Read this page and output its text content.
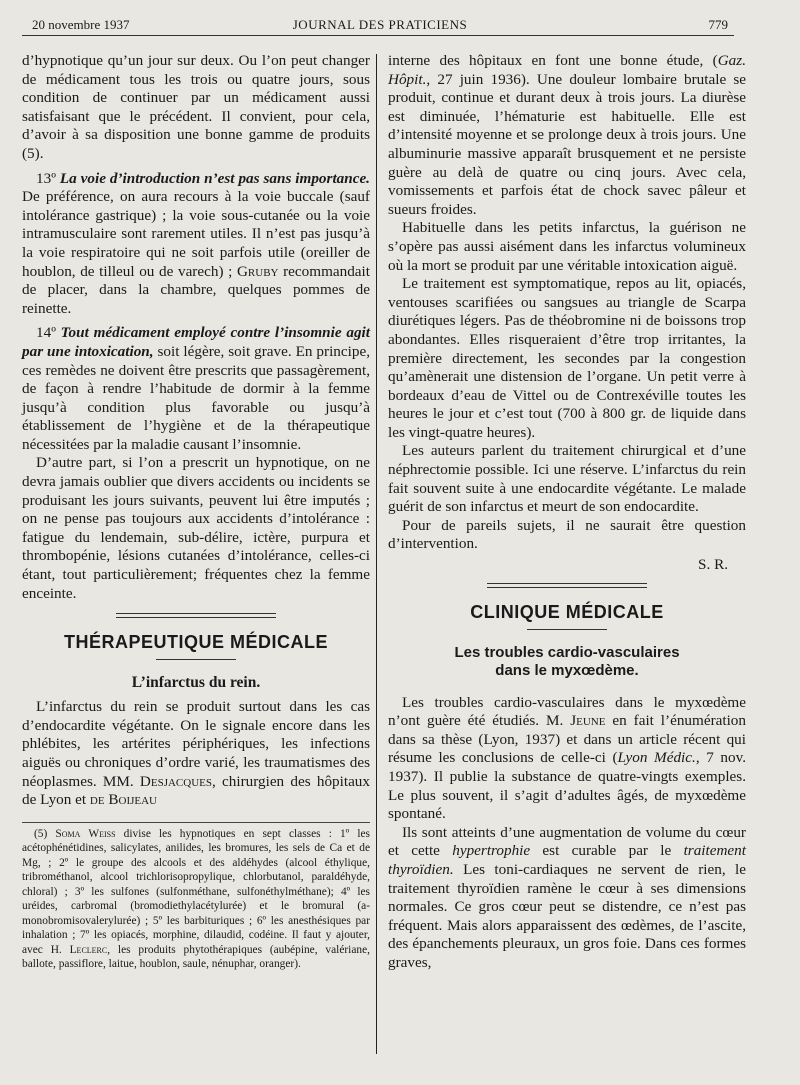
20 novembre 1937	JOURNAL DES PRATICIENS	779

d’hypnotique qu’un jour sur deux. Ou l’on peut changer de médicament tous les trois ou quatre jours, sous condition de continuer par un médicament aussi satisfaisant que le précédent. Il convient, pour cela, d’avoir à sa disposition une bonne gamme de produits (5).

13º La voie d’introduction n’est pas sans importance. De préférence, on aura recours à la voie buccale (sauf intolérance gastrique) ; la voie sous-cutanée ou la voie intramusculaire sont rarement utiles. Il n’est pas jusqu’à la voie respiratoire qui ne soit parfois utile (oreiller de houblon, de tilleul ou de varech) ; Gruby recommandait de placer, dans la chambre, quelques pommes de reinette.

14º Tout médicament employé contre l’insomnie agit par une intoxication, soit légère, soit grave. En principe, ces remèdes ne doivent être prescrits que passagèrement, de façon à rendre l’habitude de dormir à la femme jusqu’à condition plus favorable ou jusqu’à établissement de l’hygiène et de la thérapeutique nécessitées par la maladie causant l’insomnie.

D’autre part, si l’on a prescrit un hypnotique, on ne devra jamais oublier que divers accidents ou incidents se produisant les jours suivants, peuvent lui être imputés ; on ne pense pas toujours aux accidents d’intolérance : fatigue du lendemain, sub-délire, ictère, purpura et thrombopénie, lésions cutanées d’intolérance, celles-ci étant, tout particulièrement; fréquentes chez la femme enceinte.

THÉRAPEUTIQUE MÉDICALE
L’infarctus du rein.

L’infarctus du rein se produit surtout dans les cas d’endocardite végétante. On le signale encore dans les phlébites, les artérites périphériques, les infections aiguës ou chroniques d’ordre varié, les traumatismes des néoplasmes. MM. Desjacques, chirurgien des hôpitaux de Lyon et de Boijeau

(5) Soma Weiss divise les hypnotiques en sept classes : 1º les acétophénétidines, salicylates, anilides, les bromures, les sels de Ca et de Mg, ; 2º le groupe des alcools et des aldéhydes (alcool éthylique, tribrométhanol, alcool trichlorisopropylique, chlorbutanol, paraldéhyde, chloral) ; 3º les sulfones (sulfonméthane, sulfonéthylméthane); 4º les uréides, carbromal (bromodiethylacétylurée) et le bromural (a-monobromisovalerylurée) ; 5º les barbituriques ; 6º les anesthésiques par inhalation ; 7º les opiacés, morphine, dilaudid, codéine. Il faut y ajouter, avec H. Leclerc, les produits phytothérapiques (aubépine, valériane, ballote, passiflore, laitue, houblon, saule, nénuphar, oranger).

interne des hôpitaux en font une bonne étude, (Gaz. Hôpit., 27 juin 1936). Une douleur lombaire brutale se produit, continue et durant deux à trois jours. La diurèse est diminuée, l’hématurie est habituelle. Elle est d’intensité moyenne et se prolonge deux à trois jours. Une albuminurie massive apparaît brusquement et ne persiste guère au delà de quatre ou cinq jours. Avec cela, vomissements et parfois état de chock savec pâleur et sueurs froides.

Habituelle dans les petits infarctus, la guérison ne s’opère pas aussi aisément dans les infarctus volumineux où la mort se produit par une véritable intoxication aiguë.

Le traitement est symptomatique, repos au lit, opiacés, ventouses scarifiées ou sangsues au triangle de Scarpa diurétiques légers. Pas de théobromine ni de boissons trop abondantes. Elles risqueraient d’être trop irritantes, la première directement, les secondes par la congestion qu’amènerait une distension de l’organe. Un petit verre à bordeaux d’eau de Vittel ou de Contrexéville toutes les heures le jour et c’est tout (700 à 800 gr. de liquide dans les vingt-quatre heures).

Les auteurs parlent du traitement chirurgical et d’une néphrectomie possible. Ici une réserve. L’infarctus du rein fait souvent suite à une endocardite végétante. Le malade guérit de son infarctus et meurt de son endocardite.

Pour de pareils sujets, il ne saurait être question d’intervention.

S. R.

CLINIQUE MÉDICALE
Les troubles cardio-vasculaires
dans le myxœdème.

Les troubles cardio-vasculaires dans le myxœdème n’ont guère été étudiés. M. Jeune en fait l’énumération dans sa thèse (Lyon, 1937) et dans un article récent qui résume les conclusions de celle-ci (Lyon Médic., 7 nov. 1937). Il publie la substance de quatre-vingts exemples. Le plus souvent, il s’agit d’adultes âgés, de myxœdème spontané.

Ils sont atteints d’une augmentation de volume du cœur et cette hypertrophie est curable par le traitement thyroïdien. Les toni-cardiaques ne servent de rien, le traitement thyroïdien ramène le cœur à ses dimensions normales. Ce gros cœur peut se distendre, ce n’est pas fréquent. Mais alors apparaissent des œdèmes, de l’ascite, des épanchements pleuraux, un gros foie. Dans ces formes graves,
